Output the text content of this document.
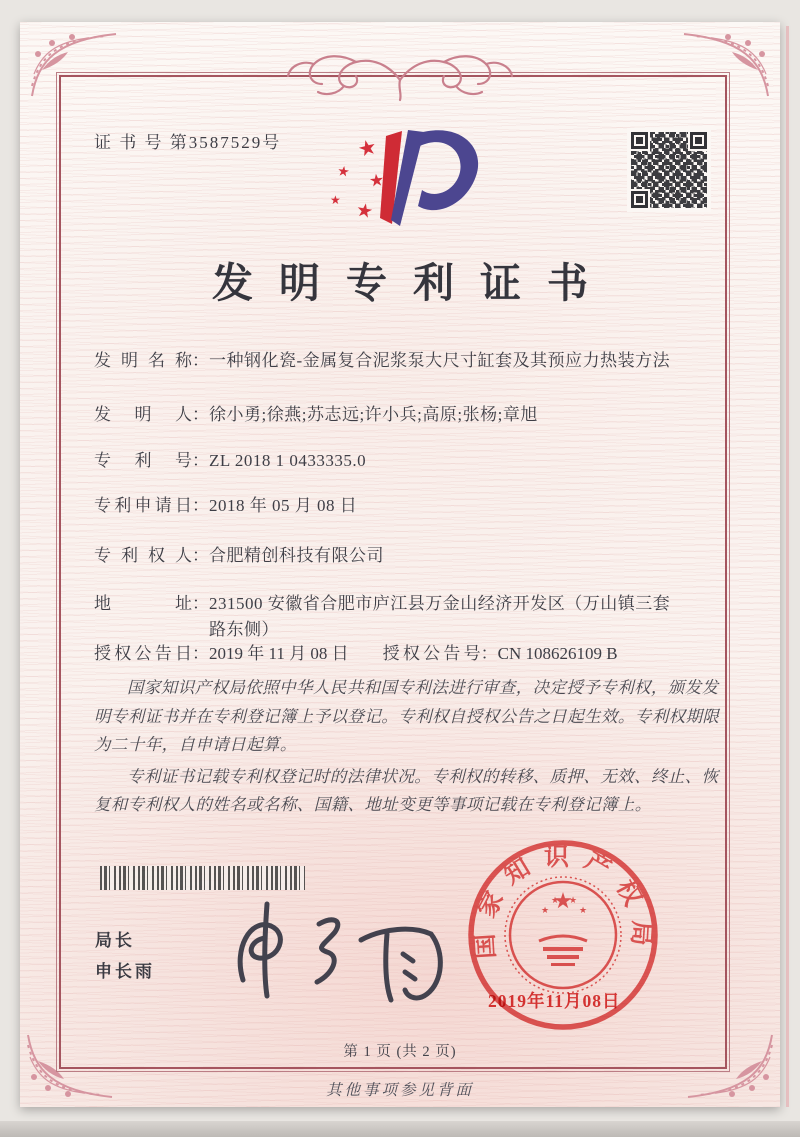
证 书 号 第3587529号	★
★ ★
★ ★
发明专利证书
发明名称 ： 一种钢化瓷-金属复合泥浆泵大尺寸缸套及其预应力热装方法
发明人 ： 徐小勇;徐燕;苏志远;许小兵;高原;张杨;章旭
专利号 ： ZL 2018 1 0433335.0
专利申请日 ： 2018 年 05 月 08 日
专利权人 ： 合肥精创科技有限公司
地址 ： 231500 安徽省合肥市庐江县万金山经济开发区（万山镇三套路东侧）
授权公告日 ： 2019 年 11 月 08 日 授权公告号 ： CN 108626109 B

国家知识产权局依照中华人民共和国专利法进行审查，决定授予专利权，颁发发明专利证书并在专利登记簿上予以登记。专利权自授权公告之日起生效。专利权期限为二十年，自申请日起算。

专利证书记载专利权登记时的法律状况。专利权的转移、质押、无效、终止、恢复和专利权人的姓名或名称、国籍、地址变更等事项记载在专利登记簿上。

局长
申长雨
国家知识产权局
★
★ ★
★
2019年11月08日
第 1 页 (共 2 页)
其他事项参见背面
